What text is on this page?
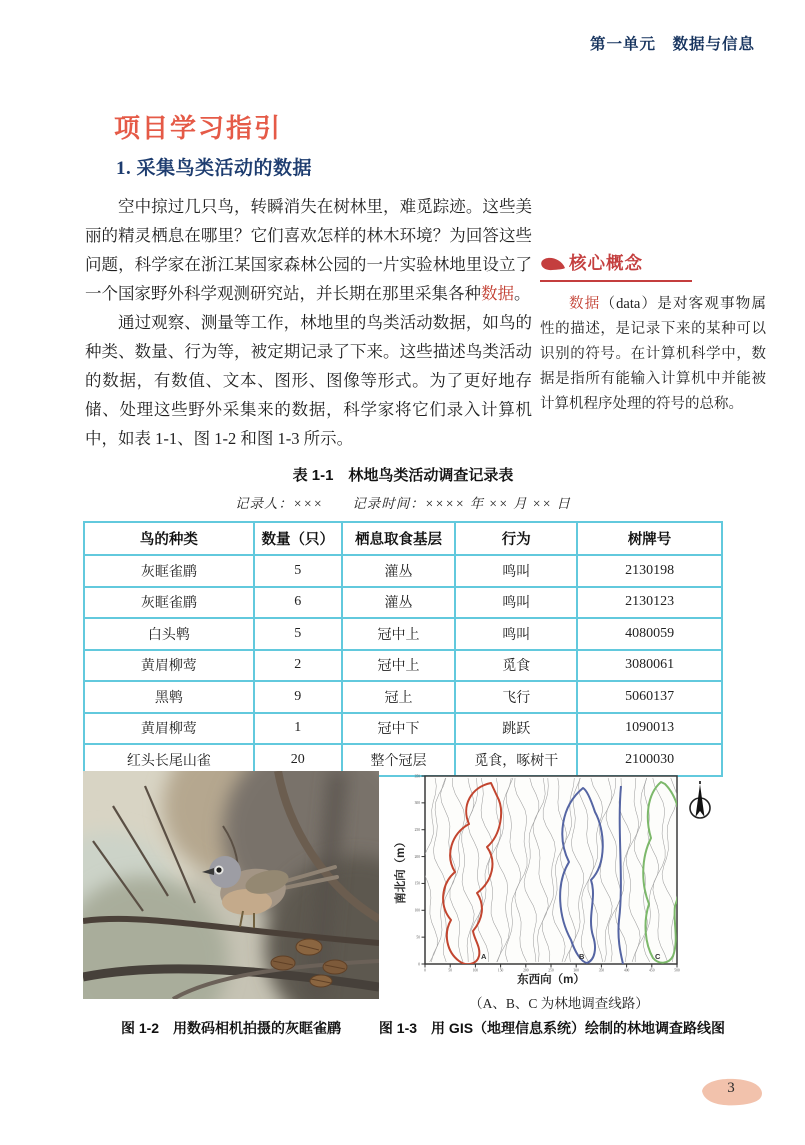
第一单元　数据与信息
项目学习指引
1. 采集鸟类活动的数据

空中掠过几只鸟，转瞬消失在树林里，难觅踪迹。这些美丽的精灵栖息在哪里？它们喜欢怎样的林木环境？为回答这些问题，科学家在浙江某国家森林公园的一片实验林地里设立了一个国家野外科学观测研究站，并长期在那里采集各种数据。

通过观察、测量等工作，林地里的鸟类活动数据，如鸟的种类、数量、行为等，被定期记录了下来。这些描述鸟类活动的数据，有数值、文本、图形、图像等形式。为了更好地存储、处理这些野外采集来的数据，科学家将它们录入计算机中，如表 1-1、图 1-2 和图 1-3 所示。

核心概念

数据（data）是对客观事物属性的描述，是记录下来的某种可以识别的符号。在计算机科学中，数据是指所有能输入计算机中并能被计算机程序处理的符号的总称。

表 1-1　林地鸟类活动调查记录表
记录人：×××　　记录时间：×××× 年 ×× 月 ×× 日
鸟的种类	数量（只）	栖息取食基层	行为	树牌号
灰眶雀鹛	5	灌丛	鸣叫	2130198
灰眶雀鹛	6	灌丛	鸣叫	2130123
白头鹎	5	冠中上	鸣叫	4080059
黄眉柳莺	2	冠中上	觅食	3080061
黑鹎	9	冠上	飞行	5060137
黄眉柳莺	1	冠中下	跳跃	1090013
红头长尾山雀	20	整个冠层	觅食，啄树干	2100030
A	B	C
0	50	100	150	200	250	300	350	400	450	500
0
50
100
150
200
250
300
350
东西向（m）
南北向（m）
（A、B、C 为林地调查线路）
图 1-2　用数码相机拍摄的灰眶雀鹛	图 1-3　用 GIS（地理信息系统）绘制的林地调查路线图
3
